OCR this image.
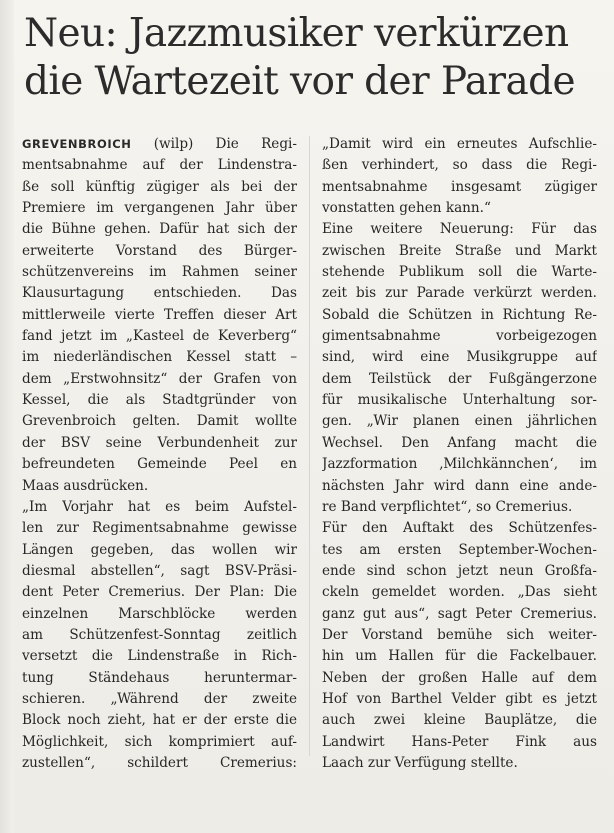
Neu: Jazzmusiker verkürzen
die Wartezeit vor der Parade
GREVENBROICH (wilp) Die Regi-
mentsabnahme auf der Lindenstra-
ße soll künftig zügiger als bei der
Premiere im vergangenen Jahr über
die Bühne gehen. Dafür hat sich der
erweiterte Vorstand des Bürger-
schützenvereins im Rahmen seiner
Klausurtagung entschieden. Das
mittlerweile vierte Treffen dieser Art
fand jetzt im „Kasteel de Keverberg“
im niederländischen Kessel statt –
dem „Erstwohnsitz“ der Grafen von
Kessel, die als Stadtgründer von
Grevenbroich gelten. Damit wollte
der BSV seine Verbundenheit zur
befreundeten Gemeinde Peel en
Maas ausdrücken.
„Im Vorjahr hat es beim Aufstel-
len zur Regimentsabnahme gewisse
Längen gegeben, das wollen wir
diesmal abstellen“, sagt BSV-Präsi-
dent Peter Cremerius. Der Plan: Die
einzelnen Marschblöcke werden
am Schützenfest-Sonntag zeitlich
versetzt die Lindenstraße in Rich-
tung Ständehaus heruntermar-
schieren. „Während der zweite
Block noch zieht, hat er der erste die
Möglichkeit, sich komprimiert auf-
zustellen“, schildert Cremerius:
„Damit wird ein erneutes Aufschlie-
ßen verhindert, so dass die Regi-
mentsabnahme insgesamt zügiger
vonstatten gehen kann.“
Eine weitere Neuerung: Für das
zwischen Breite Straße und Markt
stehende Publikum soll die Warte-
zeit bis zur Parade verkürzt werden.
Sobald die Schützen in Richtung Re-
gimentsabnahme vorbeigezogen
sind, wird eine Musikgruppe auf
dem Teilstück der Fußgängerzone
für musikalische Unterhaltung sor-
gen. „Wir planen einen jährlichen
Wechsel. Den Anfang macht die
Jazzformation ‚Milchkännchen‘, im
nächsten Jahr wird dann eine ande-
re Band verpflichtet“, so Cremerius.
Für den Auftakt des Schützenfes-
tes am ersten September-Wochen-
ende sind schon jetzt neun Großfa-
ckeln gemeldet worden. „Das sieht
ganz gut aus“, sagt Peter Cremerius.
Der Vorstand bemühe sich weiter-
hin um Hallen für die Fackelbauer.
Neben der großen Halle auf dem
Hof von Barthel Velder gibt es jetzt
auch zwei kleine Bauplätze, die
Landwirt Hans-Peter Fink aus
Laach zur Verfügung stellte.
